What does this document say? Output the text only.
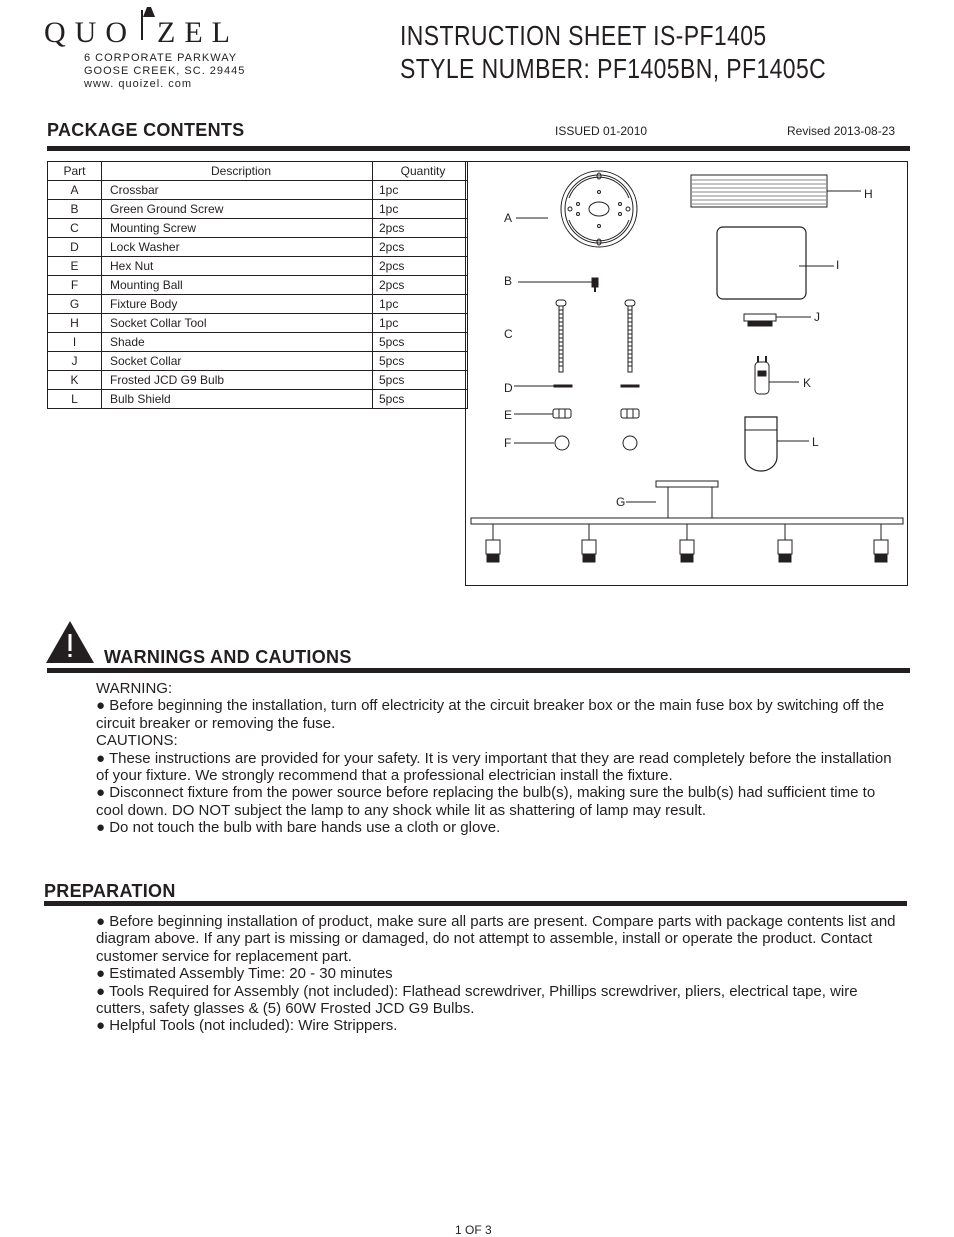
QUO ZEL
6 CORPORATE PARKWAY
GOOSE CREEK, SC. 29445
www. quoizel. com
INSTRUCTION SHEET IS-PF1405
STYLE NUMBER: PF1405BN, PF1405C
PACKAGE CONTENTS	ISSUED 01-2010	Revised 2013-08-23
Part	Description	Quantity
A	Crossbar	1pc
B	Green Ground Screw	1pc
C	Mounting Screw	2pcs
D	Lock Washer	2pcs
E	Hex Nut	2pcs
F	Mounting Ball	2pcs
G	Fixture Body	1pc
H	Socket Collar Tool	1pc
I	Shade	5pcs
J	Socket Collar	5pcs
K	Frosted JCD G9 Bulb	5pcs
L	Bulb Shield	5pcs
A
B
C
D
E
F
G
H
I
J
K
L
WARNINGS AND CAUTIONS

WARNING:

● Before beginning the installation, turn off electricity at the circuit breaker box or the main fuse box by switching off the circuit breaker or removing the fuse.

CAUTIONS:

● These instructions are provided for your safety. It is very important that they are read completely before the installation of your fixture. We strongly recommend that a professional electrician install the fixture.

● Disconnect fixture from the power source before replacing the bulb(s), making sure the bulb(s) had sufficient time to cool down. DO NOT subject the lamp to any shock while lit as shattering of lamp may result.

● Do not touch the bulb with bare hands use a cloth or glove.

PREPARATION

● Before beginning installation of product, make sure all parts are present. Compare parts with package contents list and diagram above. If any part is missing or damaged, do not attempt to assemble, install or operate the product. Contact customer service for replacement part.

● Estimated Assembly Time: 20 - 30 minutes

● Tools Required for Assembly (not included): Flathead screwdriver, Phillips screwdriver, pliers, electrical tape, wire cutters, safety glasses & (5) 60W Frosted JCD G9 Bulbs.

● Helpful Tools (not included): Wire Strippers.

1 OF 3
